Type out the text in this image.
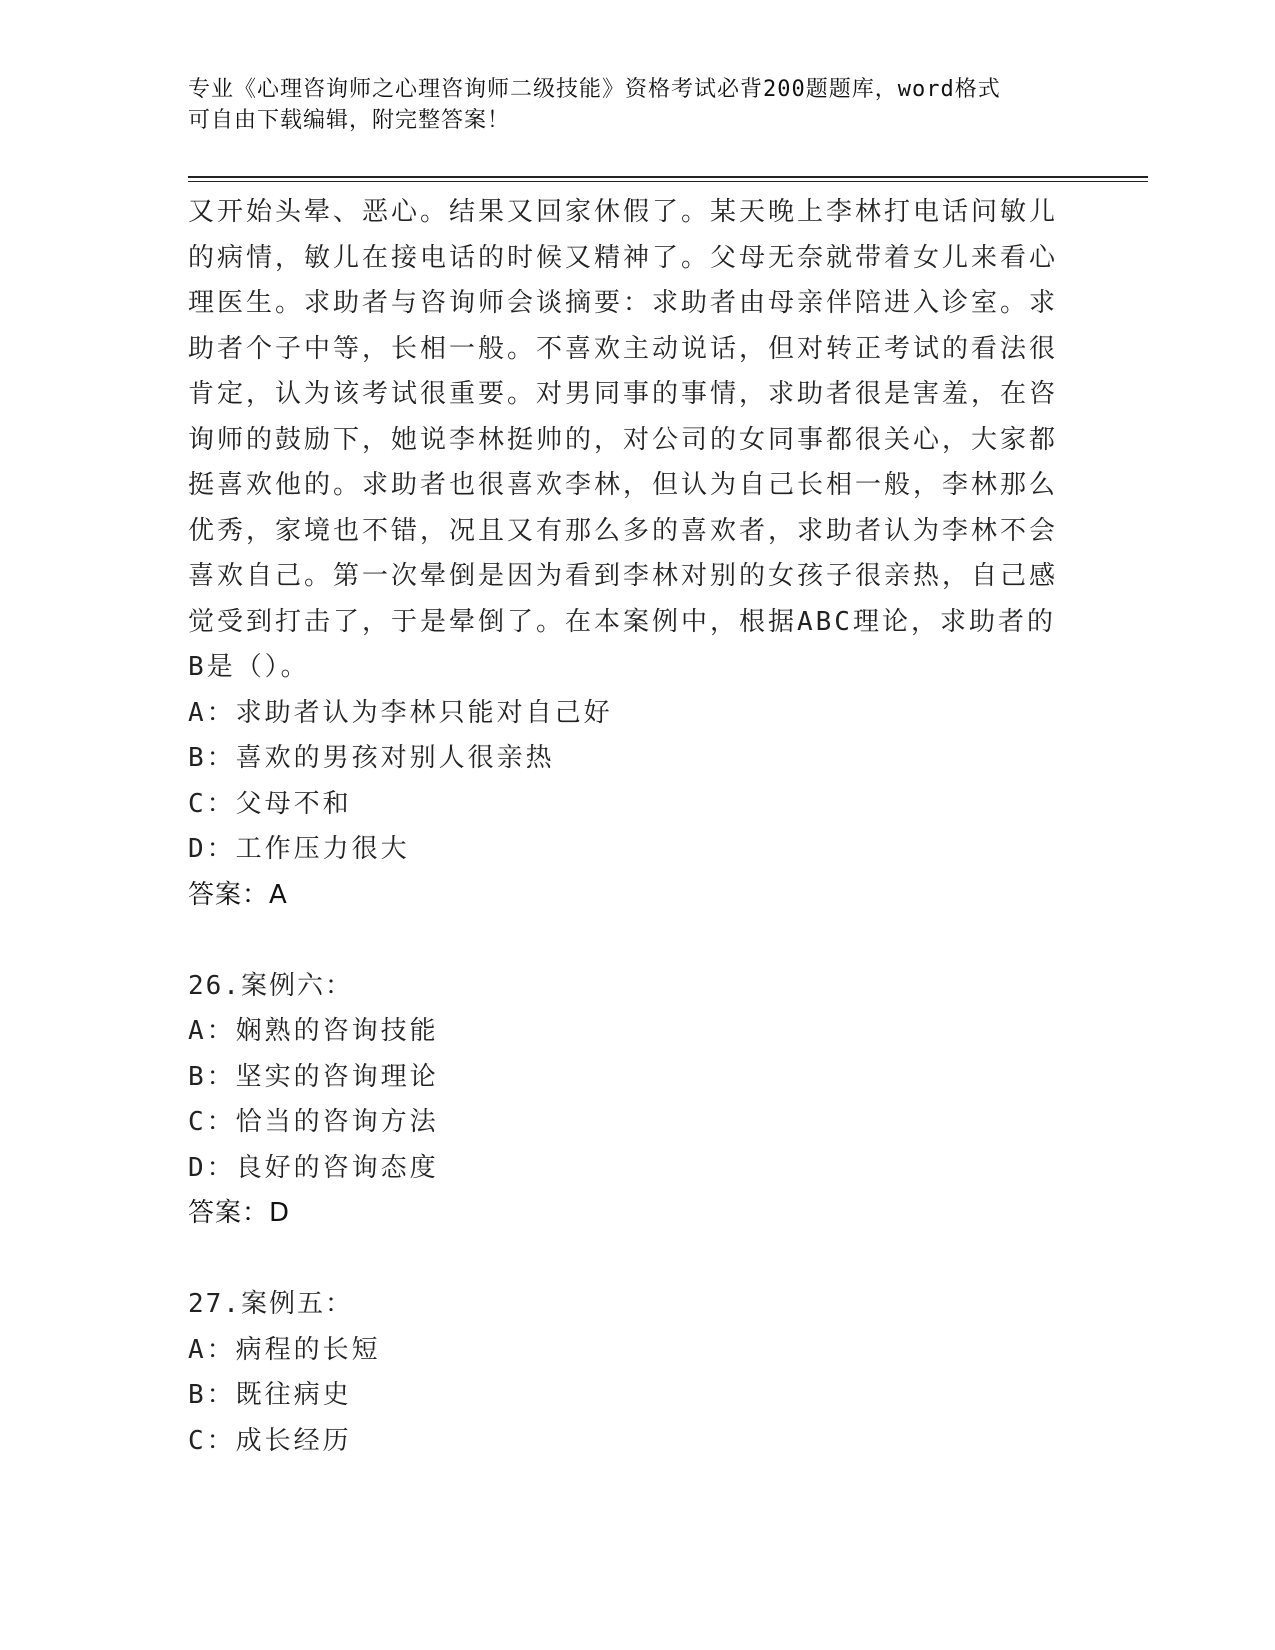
专业《心理咨询师之心理咨询师二级技能》资格考试必背200题题库，word格式
可自由下载编辑，附完整答案！

又开始头晕、恶心。结果又回家休假了。某天晚上李林打电话问敏儿

的病情，敏儿在接电话的时候又精神了。父母无奈就带着女儿来看心

理医生。求助者与咨询师会谈摘要：求助者由母亲伴陪进入诊室。求

助者个子中等，长相一般。不喜欢主动说话，但对转正考试的看法很

肯定，认为该考试很重要。对男同事的事情，求助者很是害羞，在咨

询师的鼓励下，她说李林挺帅的，对公司的女同事都很关心，大家都

挺喜欢他的。求助者也很喜欢李林，但认为自己长相一般，李林那么

优秀，家境也不错，况且又有那么多的喜欢者，求助者认为李林不会

喜欢自己。第一次晕倒是因为看到李林对别的女孩子很亲热，自己感

觉受到打击了，于是晕倒了。在本案例中，根据ABC理论，求助者的

B是（）。

A：求助者认为李林只能对自己好

B：喜欢的男孩对别人很亲热

C：父母不和

D：工作压力很大

答案：A

26.案例六：

A：娴熟的咨询技能

B：坚实的咨询理论

C：恰当的咨询方法

D：良好的咨询态度

答案：D

27.案例五：

A：病程的长短

B：既往病史

C：成长经历
